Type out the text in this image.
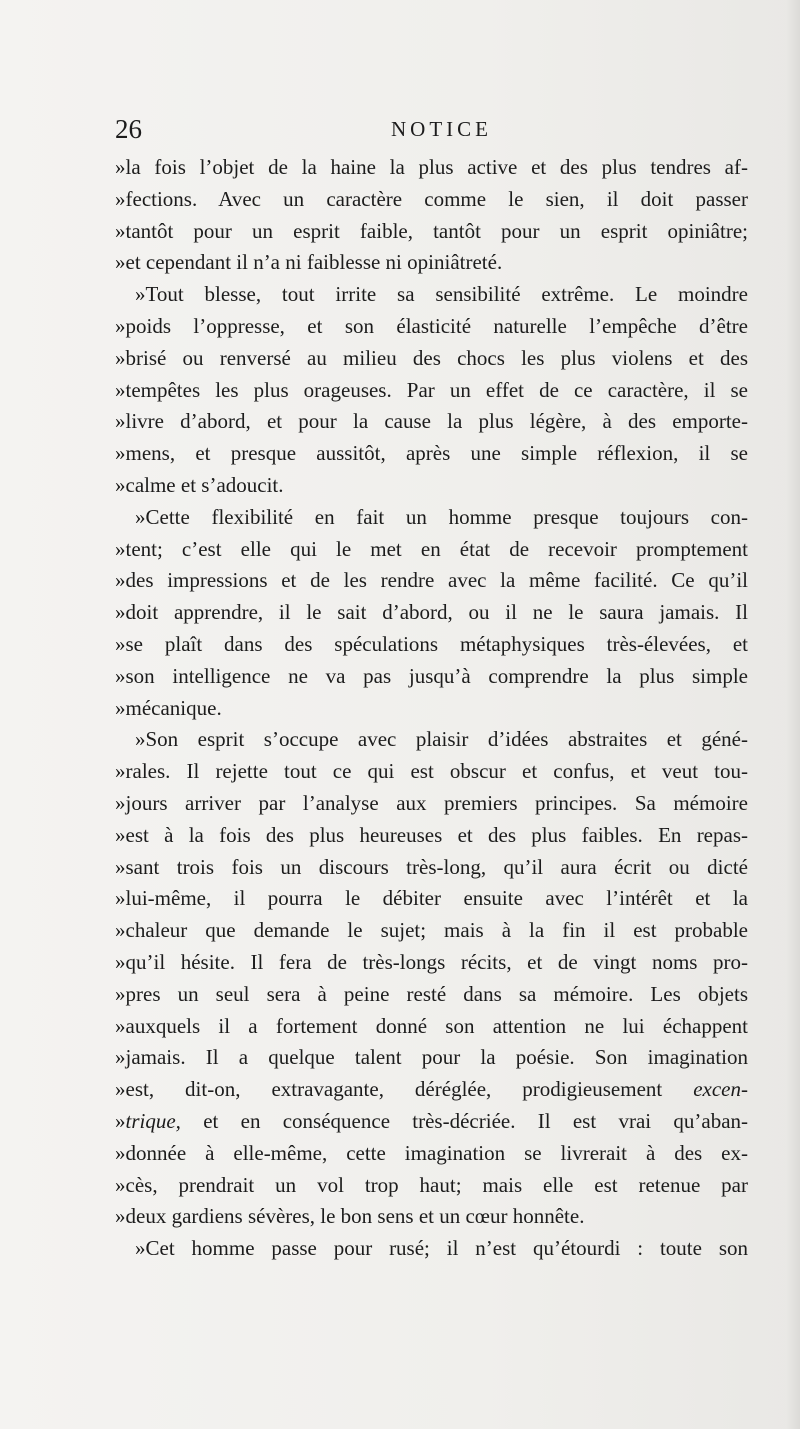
26	NOTICE
»la fois l’objet de la haine la plus active et des plus tendres af-
»fections. Avec un caractère comme le sien, il doit passer
»tantôt pour un esprit faible, tantôt pour un esprit opiniâtre;
»et cependant il n’a ni faiblesse ni opiniâtreté.
»Tout blesse, tout irrite sa sensibilité extrême. Le moindre
»poids l’oppresse, et son élasticité naturelle l’empêche d’être
»brisé ou renversé au milieu des chocs les plus violens et des
»tempêtes les plus orageuses. Par un effet de ce caractère, il se
»livre d’abord, et pour la cause la plus légère, à des emporte-
»mens, et presque aussitôt, après une simple réflexion, il se
»calme et s’adoucit.
»Cette flexibilité en fait un homme presque toujours con-
»tent; c’est elle qui le met en état de recevoir promptement
»des impressions et de les rendre avec la même facilité. Ce qu’il
»doit apprendre, il le sait d’abord, ou il ne le saura jamais. Il
»se plaît dans des spéculations métaphysiques très-élevées, et
»son intelligence ne va pas jusqu’à comprendre la plus simple
»mécanique.
»Son esprit s’occupe avec plaisir d’idées abstraites et géné-
»rales. Il rejette tout ce qui est obscur et confus, et veut tou-
»jours arriver par l’analyse aux premiers principes. Sa mémoire
»est à la fois des plus heureuses et des plus faibles. En repas-
»sant trois fois un discours très-long, qu’il aura écrit ou dicté
»lui-même, il pourra le débiter ensuite avec l’intérêt et la
»chaleur que demande le sujet; mais à la fin il est probable
»qu’il hésite. Il fera de très-longs récits, et de vingt noms pro-
»pres un seul sera à peine resté dans sa mémoire. Les objets
»auxquels il a fortement donné son attention ne lui échappent
»jamais. Il a quelque talent pour la poésie. Son imagination
»est, dit-on, extravagante, déréglée, prodigieusement excen-
»trique, et en conséquence très-décriée. Il est vrai qu’aban-
»donnée à elle-même, cette imagination se livrerait à des ex-
»cès, prendrait un vol trop haut; mais elle est retenue par
»deux gardiens sévères, le bon sens et un cœur honnête.
»Cet homme passe pour rusé; il n’est qu’étourdi : toute son
